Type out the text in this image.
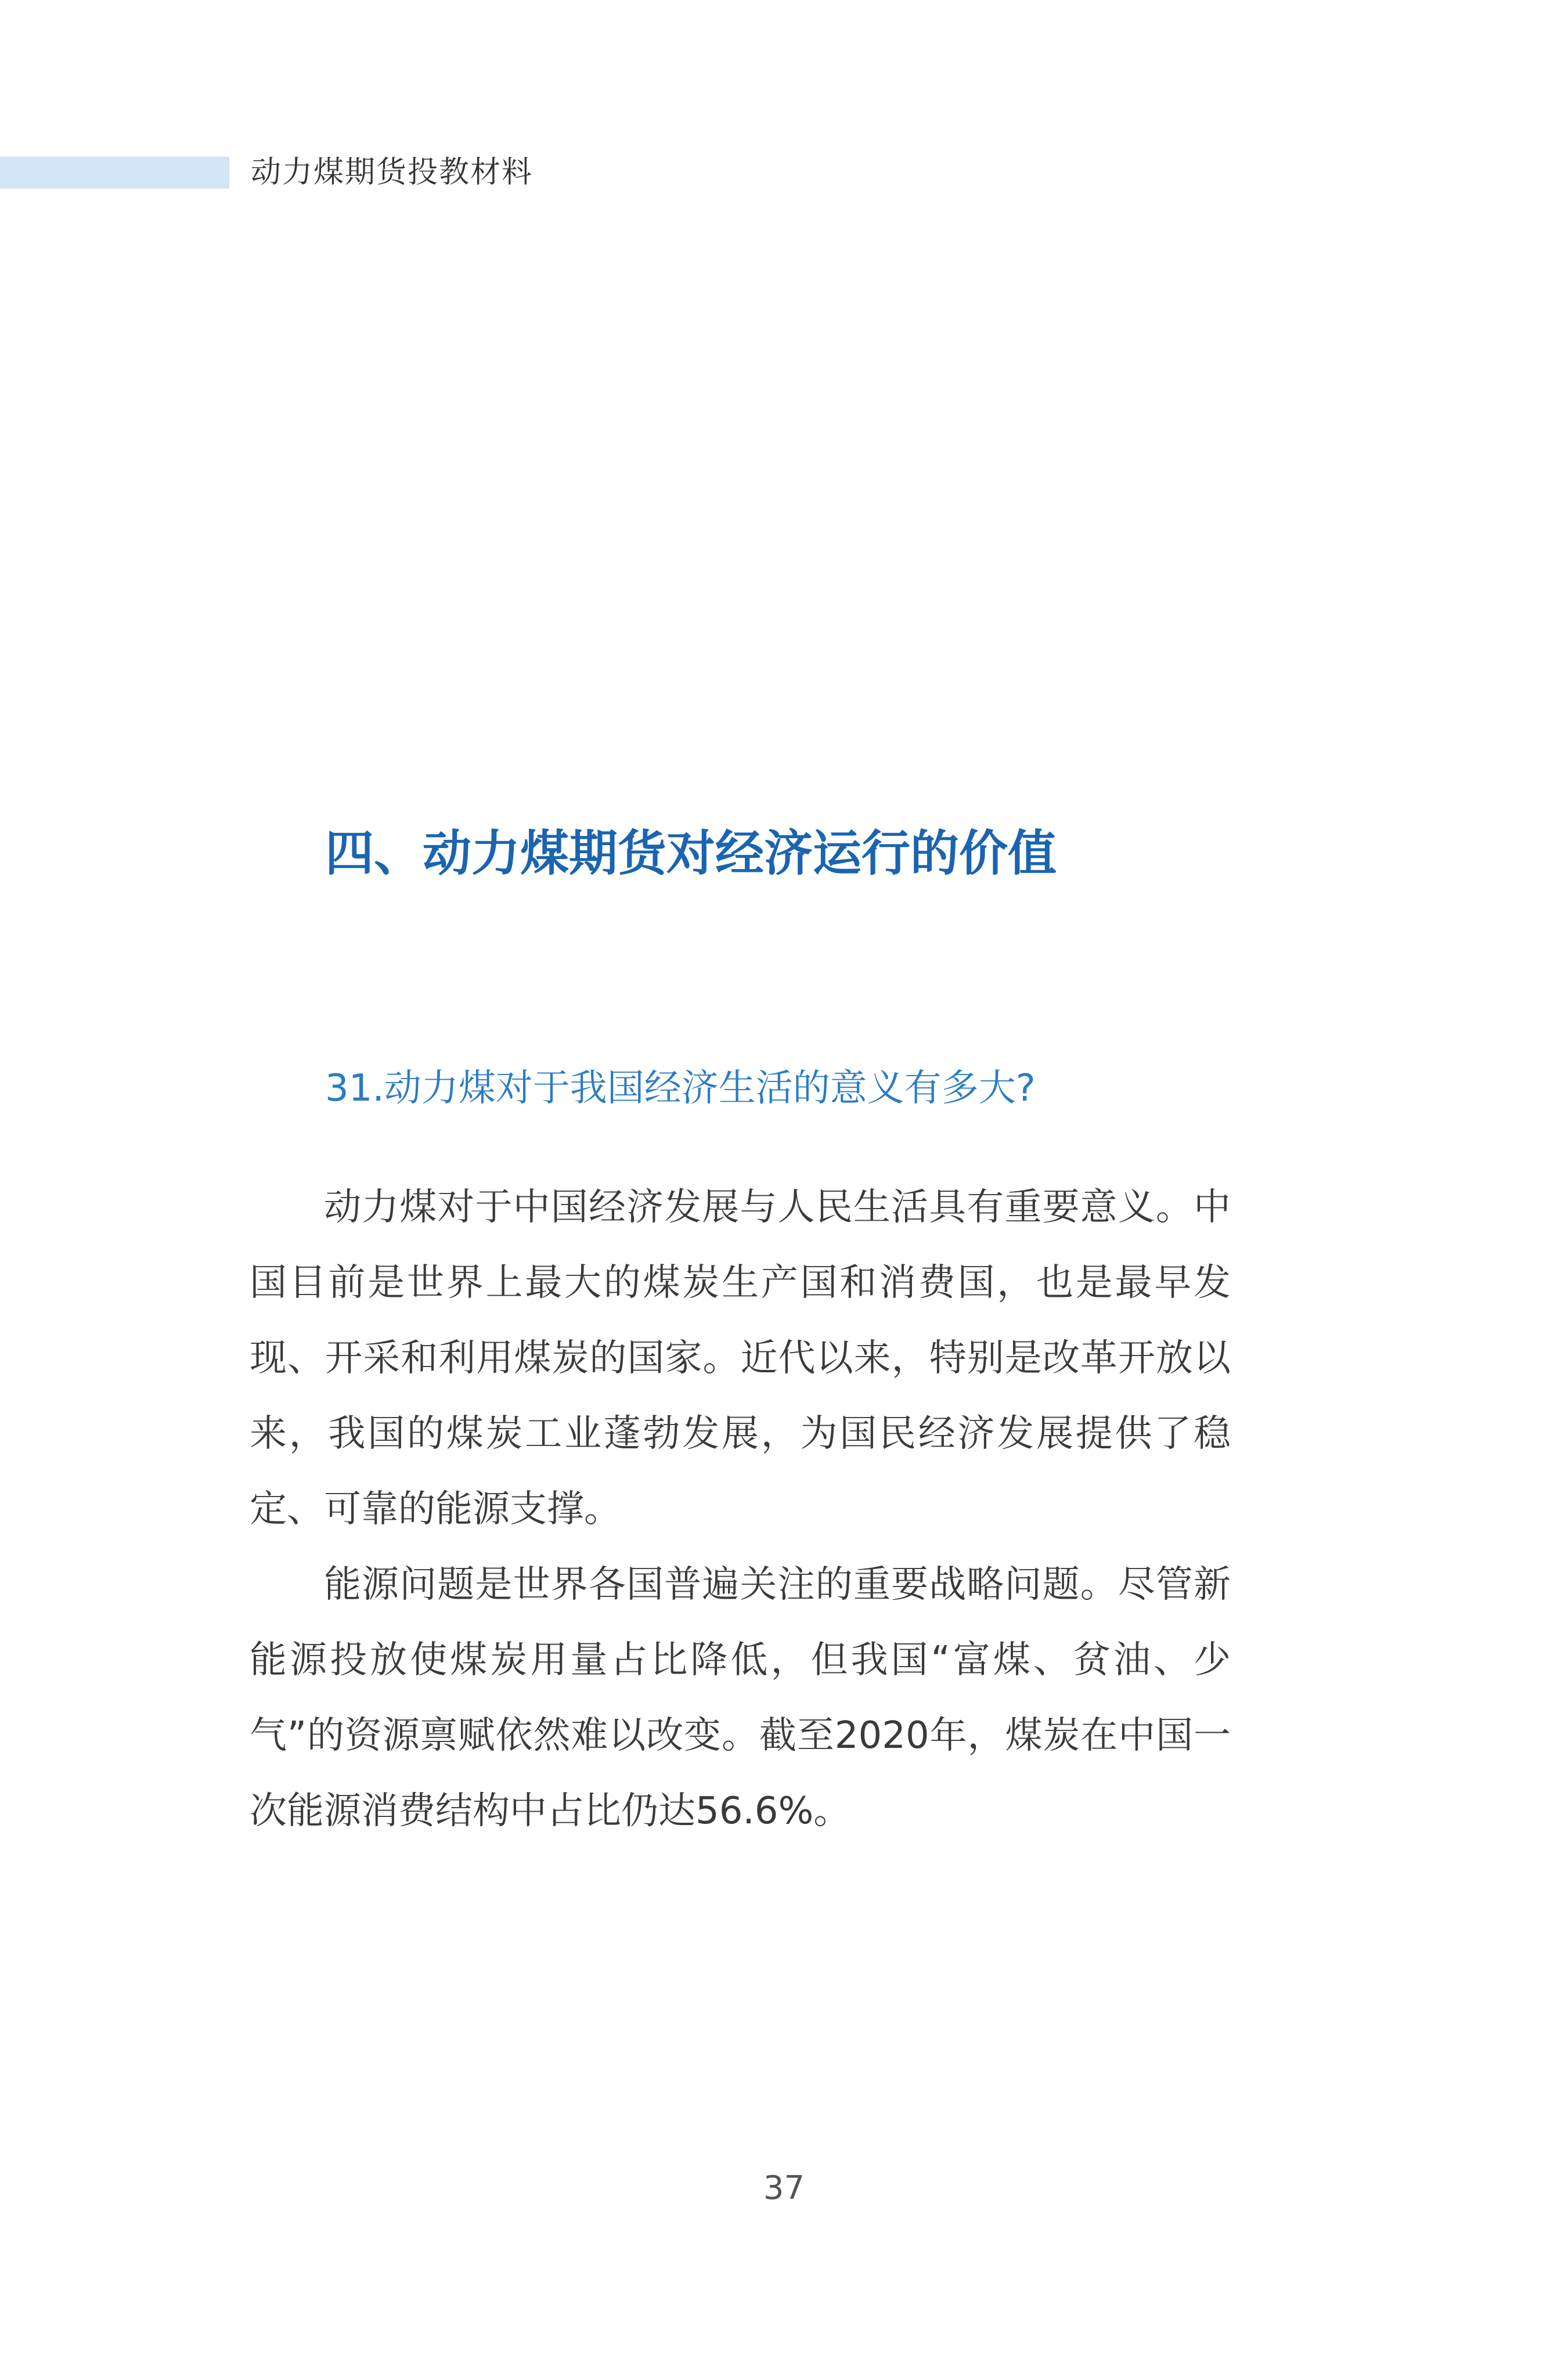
动力煤期货投教材料
四、动力煤期货对经济运行的价值
31.动力煤对于我国经济生活的意义有多大?

动力煤对于中国经济发展与人民生活具有重要意义。中国目前是世界上最大的煤炭生产国和消费国，也是最早发现、开采和利用煤炭的国家。近代以来，特别是改革开放以来，我国的煤炭工业蓬勃发展，为国民经济发展提供了稳定、可靠的能源支撑。

能源问题是世界各国普遍关注的重要战略问题。尽管新能源投放使煤炭用量占比降低，但我国“富煤、贫油、少气”的资源禀赋依然难以改变。截至2020年，煤炭在中国一次能源消费结构中占比仍达56.6%。

37
